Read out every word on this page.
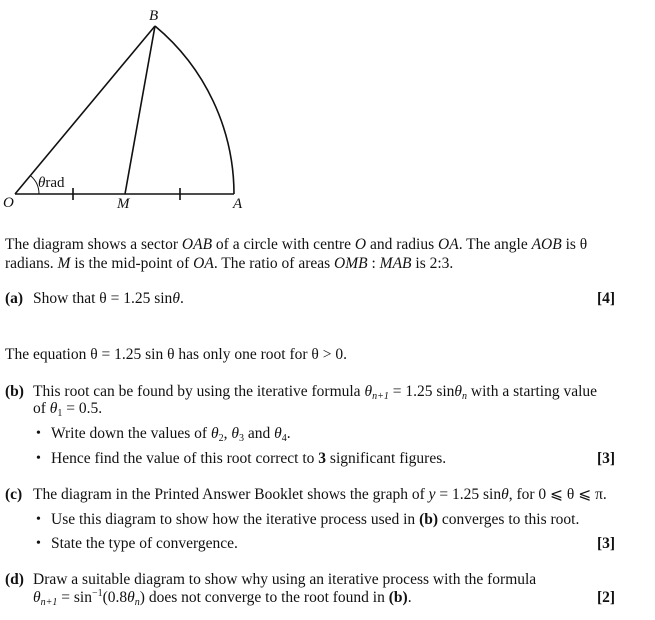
B
O	M	A
θrad
The diagram shows a sector OAB of a circle with centre O and radius OA. The angle AOB is θ
radians. M is the mid-point of OA. The ratio of areas OMB : MAB is 2:3.
(a) Show that θ = 1.25 sinθ.	[4]
The equation θ = 1.25 sin θ has only one root for θ > 0.
(b) This root can be found by using the iterative formula $\theta_{n+1} = 1.25$ sinθ$_n$ with a starting value
of $\theta_1 = 0.5$.
• Write down the values of $\theta_2$, $\theta_3$ and $\theta_4$.
• Hence find the value of this root correct to 3 significant figures.	[3]
(c) The diagram in the Printed Answer Booklet shows the graph of y = 1.25 sinθ, for 0 ⩽ θ ⩽ π.
• Use this diagram to show how the iterative process used in (b) converges to this root.
• State the type of convergence.	[3]
(d) Draw a suitable diagram to show why using an iterative process with the formula
$\theta_{n+1} = \sin^{-1}(0.8\theta_n)$ does not converge to the root found in (b).	[2]
